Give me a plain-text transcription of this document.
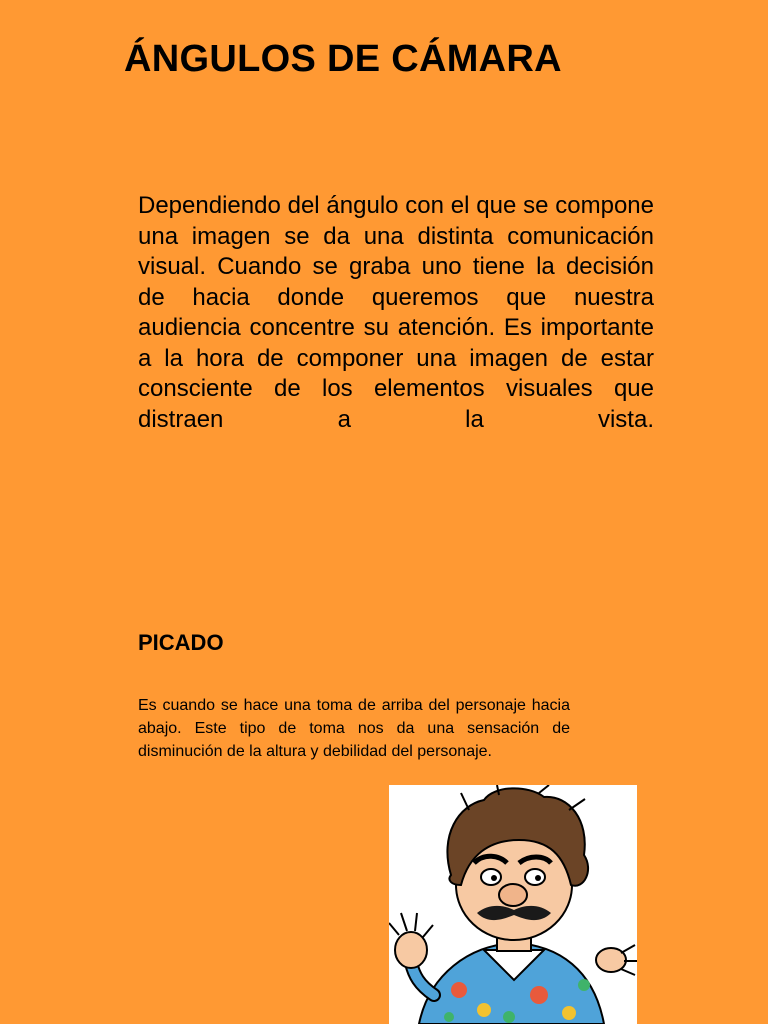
ÁNGULOS DE CÁMARA

Dependiendo del ángulo con el que se compone una imagen se da una distinta comunicación visual. Cuando se graba uno tiene la decisión de hacia donde queremos que nuestra audiencia concentre su atención. Es importante a la hora de componer una imagen de estar consciente de los elementos visuales que distraen a la vista.

PICADO

Es cuando se hace una toma de arriba del personaje hacia abajo. Este tipo de toma nos da una sensación de disminución de la altura y debilidad del personaje.
